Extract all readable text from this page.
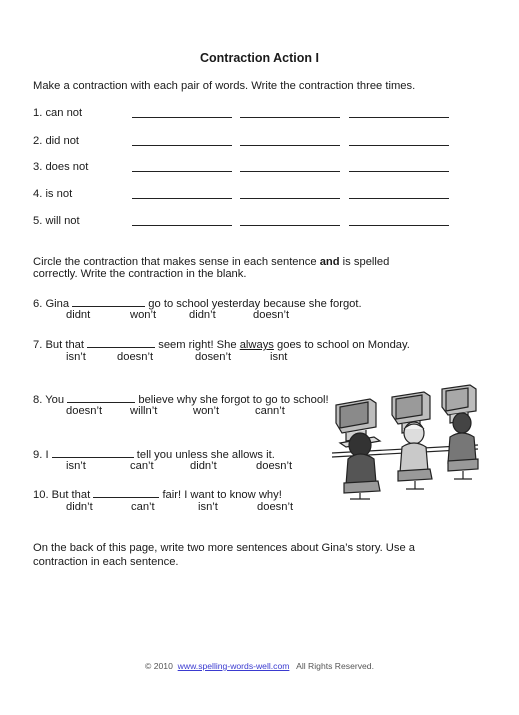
Contraction Action I
Make a contraction with each pair of words. Write the contraction three times.
1. can not
2. did not
3. does not
4. is not
5. will not
Circle the contraction that makes sense in each sentence and is spelled
correctly. Write the contraction in the blank.
6. Gina	go to school yesterday because she forgot.
didnt	won’t	didn’t	doesn’t
7. But that	seem right! She always goes to school on Monday.
isn’t	doesn’t	dosen’t	isnt
8. You	believe why she forgot to go to school!
doesn’t willn’t	won’t	cann’t
9. I	tell you unless she allows it.
isn’t	can’t	didn’t	doesn’t
10. But that	fair! I want to know why!
didn’t	can’t	isn’t	doesn’t
On the back of this page, write two more sentences about Gina’s story. Use a
contraction in each sentence.
© 2010 www.spelling-words-well.com All Rights Reserved.
